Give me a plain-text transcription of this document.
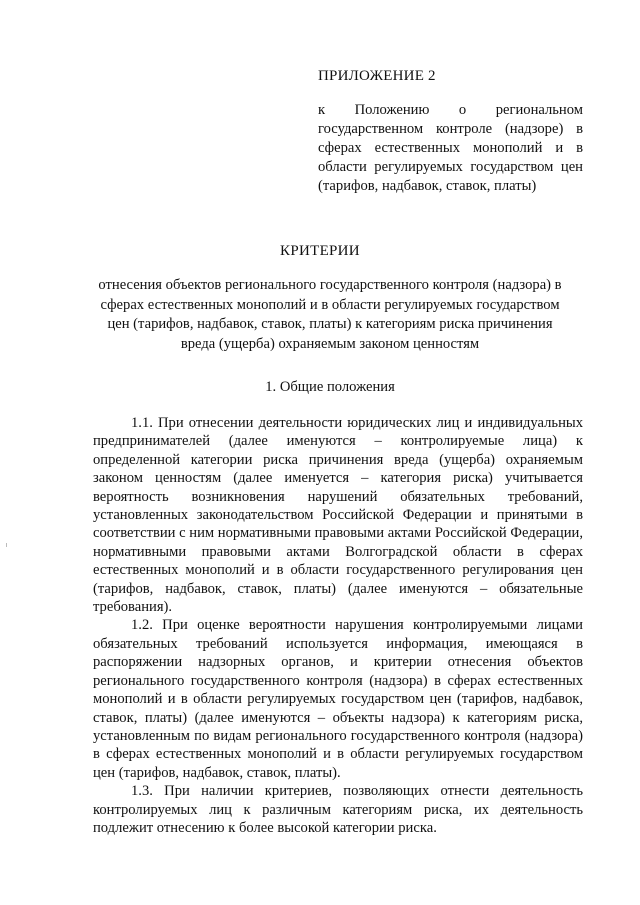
ПРИЛОЖЕНИЕ 2
к Положению о региональном государственном контроле (надзоре) в сферах естественных монополий и в области регулируемых государством цен (тарифов, надбавок, ставок, платы)
КРИТЕРИИ
отнесения объектов регионального государственного контроля (надзора) в сферах естественных монополий и в области регулируемых государством цен (тарифов, надбавок, ставок, платы) к категориям риска причинения вреда (ущерба) охраняемым законом ценностям
1. Общие положения

1.1. При отнесении деятельности юридических лиц и индивидуальных предпринимателей (далее именуются – контролируемые лица) к определенной категории риска причинения вреда (ущерба) охраняемым законом ценностям (далее именуется – категория риска) учитывается вероятность возникновения нарушений обязательных требований, установленных законодательством Российской Федерации и принятыми в соответствии с ним нормативными правовыми актами Российской Федерации, нормативными правовыми актами Волгоградской области в сферах естественных монополий и в области государственного регулирования цен (тарифов, надбавок, ставок, платы) (далее именуются – обязательные требования).

1.2. При оценке вероятности нарушения контролируемыми лицами обязательных требований используется информация, имеющаяся в распоряжении надзорных органов, и критерии отнесения объектов регионального государственного контроля (надзора) в сферах естественных монополий и в области регулируемых государством цен (тарифов, надбавок, ставок, платы) (далее именуются – объекты надзора) к категориям риска, установленным по видам регионального государственного контроля (надзора) в сферах естественных монополий и в области регулируемых государством цен (тарифов, надбавок, ставок, платы).

1.3. При наличии критериев, позволяющих отнести деятельность контролируемых лиц к различным категориям риска, их деятельность подлежит отнесению к более высокой категории риска.
